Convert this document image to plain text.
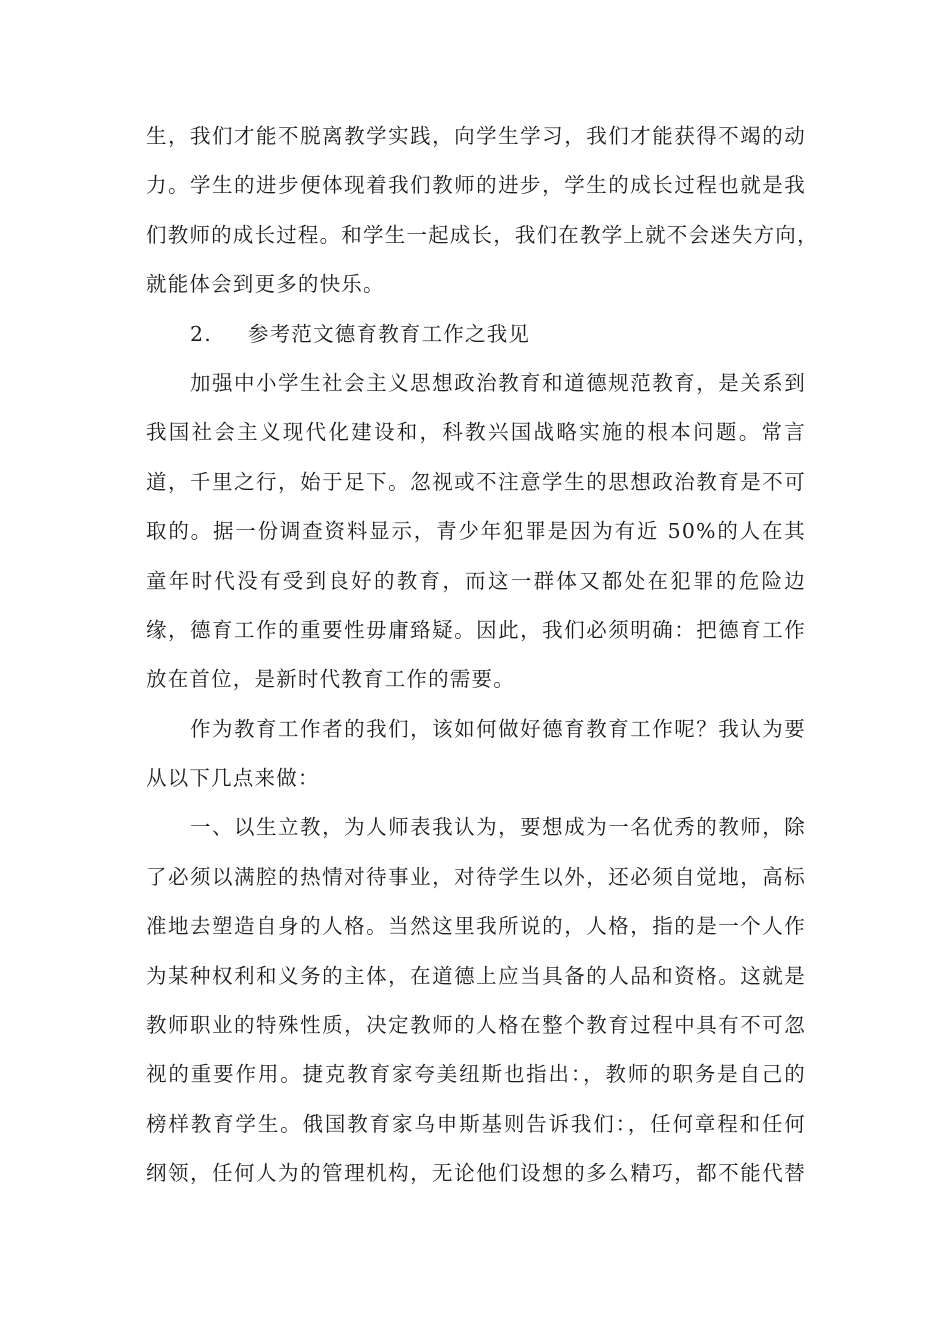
生，我们才能不脱离教学实践，向学生学习，我们才能获得不竭的动
力。学生的进步便体现着我们教师的进步，学生的成长过程也就是我
们教师的成长过程。和学生一起成长，我们在教学上就不会迷失方向，
就能体会到更多的快乐。
2. 参考范文德育教育工作之我见
加强中小学生社会主义思想政治教育和道德规范教育，是关系到
我国社会主义现代化建设和，科教兴国战略实施的根本问题。常言
道，千里之行，始于足下。忽视或不注意学生的思想政治教育是不可
取的。据一份调查资料显示，青少年犯罪是因为有近 50%的人在其
童年时代没有受到良好的教育，而这一群体又都处在犯罪的危险边
缘，德育工作的重要性毋庸臵疑。因此，我们必须明确：把德育工作
放在首位，是新时代教育工作的需要。
作为教育工作者的我们，该如何做好德育教育工作呢？我认为要
从以下几点来做：
一、以生立教，为人师表我认为，要想成为一名优秀的教师，除
了必须以满腔的热情对待事业，对待学生以外，还必须自觉地，高标
准地去塑造自身的人格。当然这里我所说的，人格，指的是一个人作
为某种权利和义务的主体，在道德上应当具备的人品和资格。这就是
教师职业的特殊性质，决定教师的人格在整个教育过程中具有不可忽
视的重要作用。捷克教育家夸美纽斯也指出：，教师的职务是自己的
榜样教育学生。俄国教育家乌申斯基则告诉我们：，任何章程和任何
纲领，任何人为的管理机构，无论他们设想的多么精巧，都不能代替
